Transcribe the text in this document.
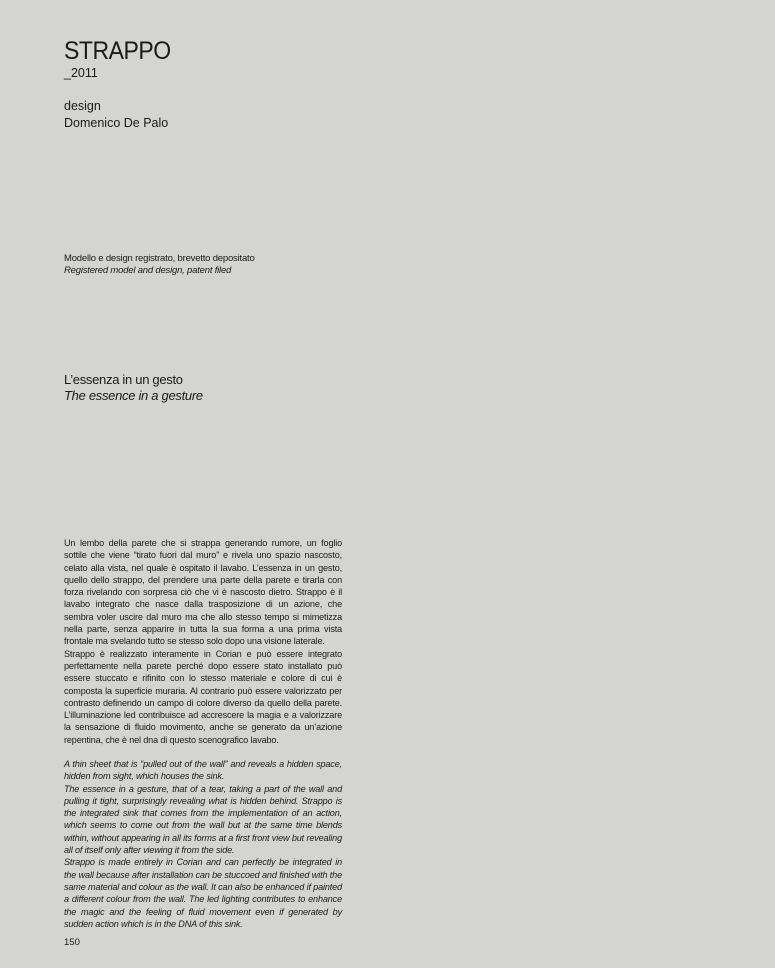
STRAPPO
_2011
design
Domenico De Palo
Modello e design registrato, brevetto depositato
Registered model and design, patent filed
L’essenza in un gesto
The essence in a gesture

Un lembo della parete che si strappa generando rumore, un foglio sottile che viene “tirato fuori dal muro” e rivela uno spazio nascosto, celato alla vista, nel quale è ospitato il lavabo. L’essenza in un gesto, quello dello strappo, del prendere una parte della parete e tirarla con forza rivelando con sorpresa ciò che vi è nascosto dietro. Strappo è il lavabo integrato che nasce dalla trasposizione di un azione, che sembra voler uscire dal muro ma che allo stesso tempo si mimetizza nella parte, senza apparire in tutta la sua forma a una prima vista frontale ma svelando tutto se stesso solo dopo una visione laterale.

Strappo è realizzato interamente in Corian e può essere integrato perfettamente nella parete perché dopo essere stato installato può essere stuccato e rifinito con lo stesso materiale e colore di cui è composta la superficie muraria. Al contrario può essere valorizzato per contrasto definendo un campo di colore diverso da quello della parete. L’illuminazione led contribuisce ad accrescere la magia e a valorizzare la sensazione di fluido movimento, anche se generato da un’azione repentina, che è nel dna di questo scenografico lavabo.

A thin sheet that is “pulled out of the wall” and reveals a hidden space, hidden from sight, which houses the sink.

The essence in a gesture, that of a tear, taking a part of the wall and pulling it tight, surprisingly revealing what is hidden behind. Strappo is the integrated sink that comes from the implementation of an action, which seems to come out from the wall but at the same time blends within, without appearing in all its forms at a first front view but revealing all of itself only after viewing it from the side.

Strappo is made entirely in Corian and can perfectly be integrated in the wall because after installation can be stuccoed and finished with the same material and colour as the wall. It can also be enhanced if painted a different colour from the wall. The led lighting contributes to enhance the magic and the feeling of fluid movement even if generated by sudden action which is in the DNA of this sink.

150
